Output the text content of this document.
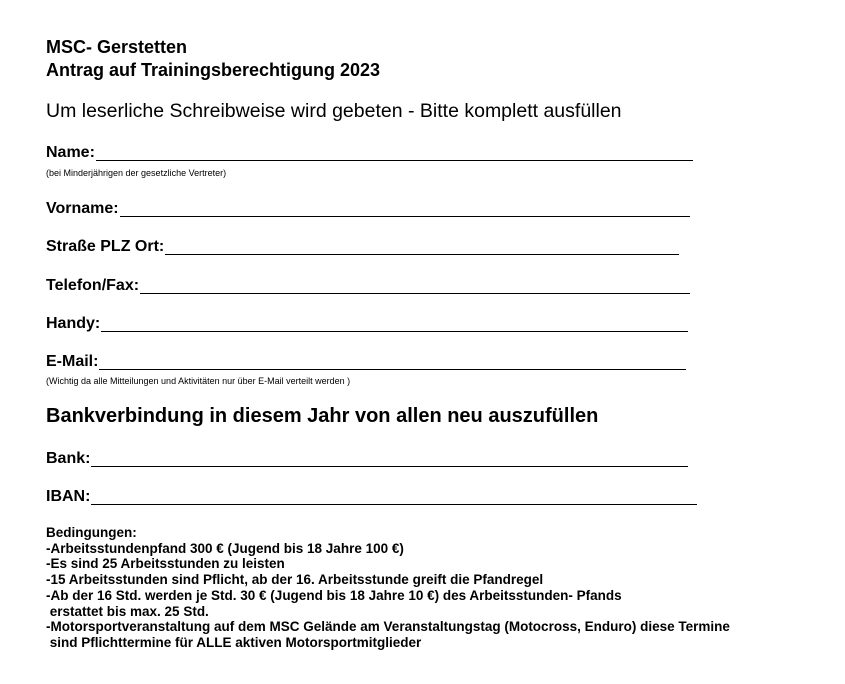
MSC- Gerstetten
Antrag auf Trainingsberechtigung 2023
Um leserliche Schreibweise wird gebeten - Bitte komplett ausfüllen
Name:
(bei Minderjährigen der gesetzliche Vertreter)
Vorname:
Straße PLZ Ort:
Telefon/Fax:
Handy:
E-Mail:
(Wichtig da alle Mitteilungen und Aktivitäten nur über E-Mail verteilt werden )
Bankverbindung in diesem Jahr von allen neu auszufüllen
Bank:
IBAN:
Bedingungen:
-Arbeitsstundenpfand 300 € (Jugend bis 18 Jahre 100 €)
-Es sind 25 Arbeitsstunden zu leisten
-15 Arbeitsstunden sind Pflicht, ab der 16. Arbeitsstunde greift die Pfandregel
-Ab der 16 Std. werden je Std. 30 € (Jugend bis 18 Jahre 10 €) des Arbeitsstunden- Pfands
erstattet bis max. 25 Std.
-Motorsportveranstaltung auf dem MSC Gelände am Veranstaltungstag (Motocross, Enduro) diese Termine
sind Pflichttermine für ALLE aktiven Motorsportmitglieder
